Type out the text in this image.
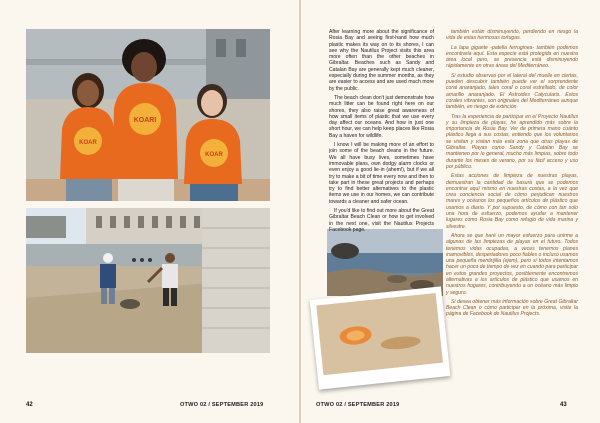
KOAR
KOARI
KOAR

After learning more about the significance of Rosia Bay and seeing first-hand how much plastic makes its way on to its shores, I can see why the Nautilus Project visits this area more often than the other beaches in Gibraltar. Beaches such as Sandy and Catalan Bay are generally kept much cleaner, especially during the summer months, as they are easier to access and are used much more by the public.

The beach clean don't just demonstrate how much litter can be found right here on our shores, they also raise great awareness of how small items of plastic that we use every day affect our oceans. And how in just one short hour, we can help keep places like Rosia Bay a haven for wildlife.

I know I will be making more of an effort to join some of the beach cleans in the future. We all have busy lives, sometimes have immovable plans, own dodgy alarm clocks or even enjoy a good lie-in (ahem!), but if we all try to make a bit of time every now and then to take part in these great projects and perhaps try to find better alternatives to the plastic items we use in our homes, we can contribute towards a cleaner and safer ocean.

If you'd like to find out more about the Great Gibraltar Beach Clean or how to get involved in the next one, visit the Nautilus Projects Facebook page.

también están disminuyendo, perdiendo en riesgo la vida de estas hermosas tortugas.

La lapa gigante -patella ferruginea- también podemos encontrarla aquí. Esta especie está protegida en nuestra área local pero, se presencia está disminuyendo rápidamente en otras áreas del Mediterráneo.

Si estudio observas por el lateral del muelle en ciertas, pueden descubrir también puede ver el sorprendente coral anaranjado, tales coral o coral estrellado, de color amarillo anaranjado. El Astroides Calycularis. Estos corales vibrantes, son originales del Mediterráneo aunque también, en riesgo de extinción.

Tras la experiencia de participar en el Proyecto Nautilus y su limpieza de playas, he aprendido más sobre la importancia de Rosia Bay. Ver de primera mano cuánto plástico llega a sus costas, entiendo que los voluntarios se visitan y visitan más esta zona que otras playas de Gibraltar. Playas como Sandy y Catalan Bay se mantienen por lo general, mucho más limpias, sobre todo durante los meses de verano, por su fácil acceso y uso por público.

Estas acciones de limpieza de nuestras playas, demuestran la cantidad de basura que se podemos encontrar aquí mismo en nuestras costas, a la vez que crea conciencia social de cómo perjudican nuestros mares y océanos los pequeños artículos de plástico que usamos a diario. Y por supuesto, de cómo con tan solo una hora de esfuerzo, podemos ayudar a mantener lugares como Rosia Bay como refugio de vida marina y silvestre.

Ahora se que haré un mayor esfuerzo para unirme a algunas de las limpiezas de playas en el futuro. Todos tenemos vidas ocupadas, a veces tenemos planes inamovibles, despertadores poco fiables o incluso usamos una pequeña mentirijilla (ejem), pero si todos intentamos hacer un poco de tiempo de vez en cuando para participar en estos grandes proyectos, posiblemente encontremos alternativas a los artículos de plástico que usamos en nuestros hogares, contribuyendo a un océano más limpio y seguro.

Si desea obtener más información sobre Great Gibraltar Beach Clean o cómo participar en la próxima, visite la página de Facebook de Nautilus Projects.

42	OTWO 02 / SEPTEMBER 2019	OTWO 02 / SEPTEMBER 2019	43
